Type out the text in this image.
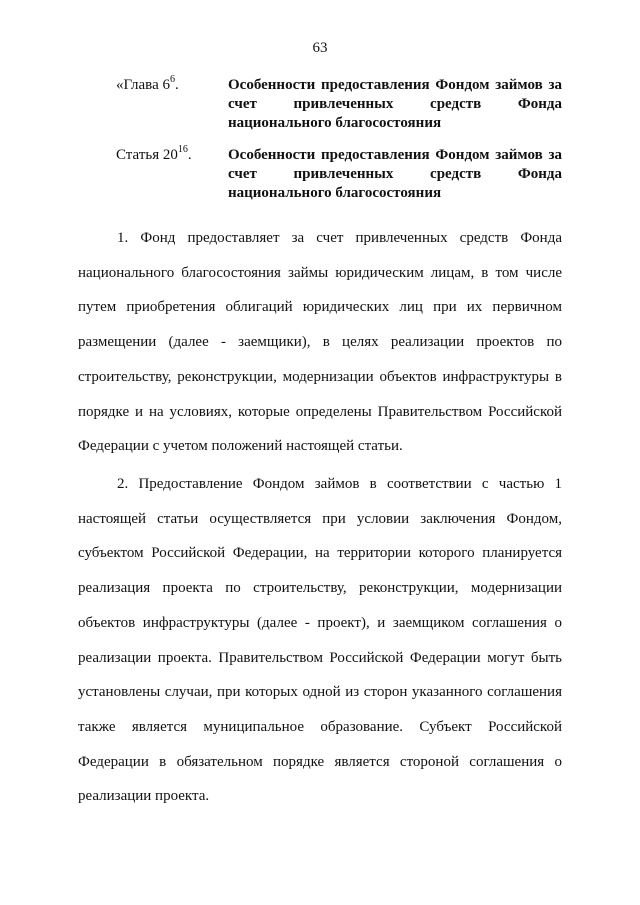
63
«Глава $6^6$.	Особенности предоставления Фондом займов за счет привлеченных средств Фонда национального благосостояния
Статья $20^{16}$. Особенности предоставления Фондом займов за счет привлеченных средств Фонда национального благосостояния

1. Фонд предоставляет за счет привлеченных средств Фонда национального благосостояния займы юридическим лицам, в том числе путем приобретения облигаций юридических лиц при их первичном размещении (далее - заемщики), в целях реализации проектов по строительству, реконструкции, модернизации объектов инфраструктуры в порядке и на условиях, которые определены Правительством Российской Федерации с учетом положений настоящей статьи.

2. Предоставление Фондом займов в соответствии с частью 1 настоящей статьи осуществляется при условии заключения Фондом, субъектом Российской Федерации, на территории которого планируется реализация проекта по строительству, реконструкции, модернизации объектов инфраструктуры (далее - проект), и заемщиком соглашения о реализации проекта. Правительством Российской Федерации могут быть установлены случаи, при которых одной из сторон указанного соглашения также является муниципальное образование. Субъект Российской Федерации в обязательном порядке является стороной соглашения о реализации проекта.
